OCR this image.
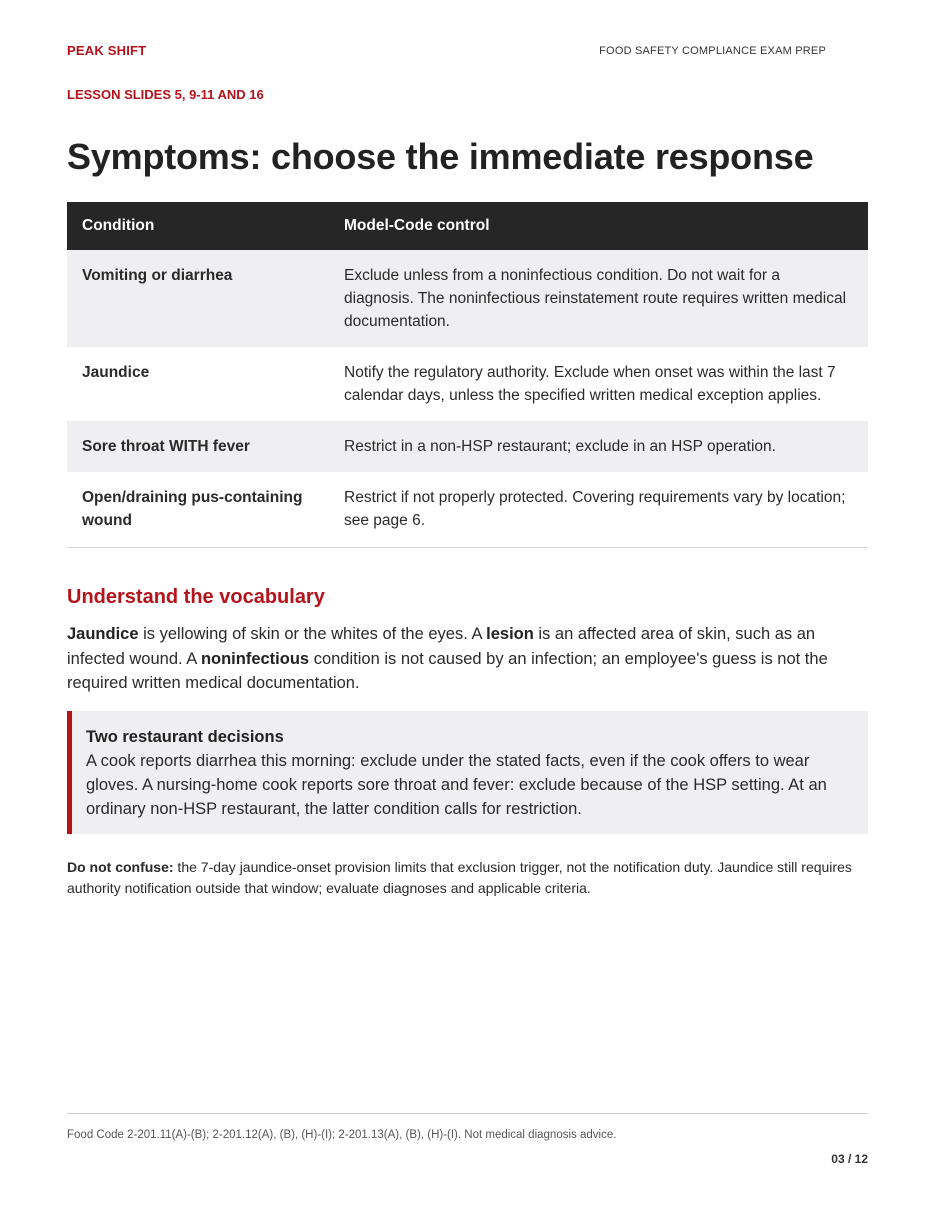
PEAK SHIFT	FOOD SAFETY COMPLIANCE EXAM PREP
LESSON SLIDES 5, 9-11 AND 16
Symptoms: choose the immediate response
Condition	Model-Code control
Vomiting or diarrhea	Exclude unless from a noninfectious condition. Do not wait for a diagnosis. The noninfectious reinstatement route requires written medical documentation.
Jaundice	Notify the regulatory authority. Exclude when onset was within the last 7 calendar days, unless the specified written medical exception applies.
Sore throat WITH fever	Restrict in a non-HSP restaurant; exclude in an HSP operation.
Open/draining pus-containing wound	Restrict if not properly protected. Covering requirements vary by location; see page 6.
Understand the vocabulary

Jaundice is yellowing of skin or the whites of the eyes. A lesion is an affected area of skin, such as an infected wound. A noninfectious condition is not caused by an infection; an employee's guess is not the required written medical documentation.

Two restaurant decisions
A cook reports diarrhea this morning: exclude under the stated facts, even if the cook offers to wear gloves. A nursing-home cook reports sore throat and fever: exclude because of the HSP setting. At an ordinary non-HSP restaurant, the latter condition calls for restriction.

Do not confuse: the 7-day jaundice-onset provision limits that exclusion trigger, not the notification duty. Jaundice still requires authority notification outside that window; evaluate diagnoses and applicable criteria.

Food Code 2-201.11(A)-(B); 2-201.12(A), (B), (H)-(I); 2-201.13(A), (B), (H)-(I). Not medical diagnosis advice.
03 / 12
